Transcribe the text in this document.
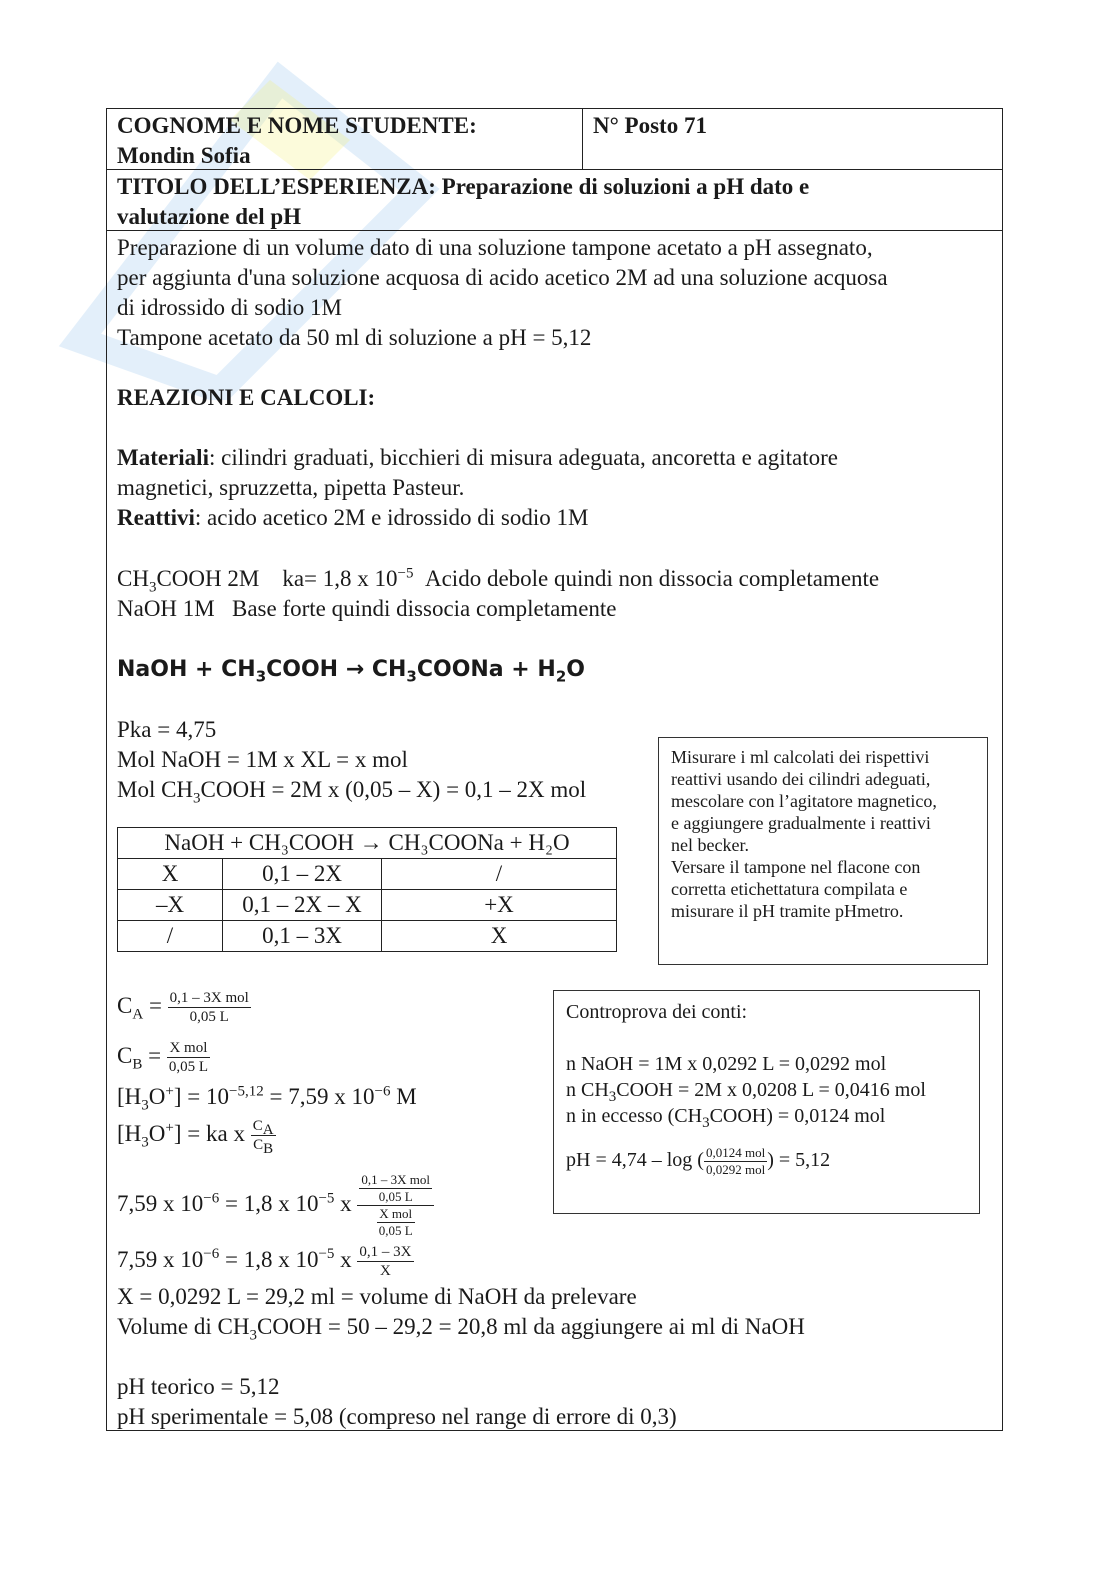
COGNOME E NOME STUDENTE:
Mondin Sofia
N° Posto 71
TITOLO DELL’ESPERIENZA: Preparazione di soluzioni a pH dato e
valutazione del pH
Preparazione di un volume dato di una soluzione tampone acetato a pH assegnato,
per aggiunta d'una soluzione acquosa di acido acetico 2M ad una soluzione acquosa
di idrossido di sodio 1M
Tampone acetato da 50 ml di soluzione a pH = 5,12
REAZIONI E CALCOLI:
Materiali: cilindri graduati, bicchieri di misura adeguata, ancoretta e agitatore
magnetici, spruzzetta, pipetta Pasteur.
Reattivi: acido acetico 2M e idrossido di sodio 1M
$CH_3COOH$ 2M ka= 1,8 x $10^{-5}$ Acido debole quindi non dissocia completamente
NaOH 1M Base forte quindi dissocia completamente
NaOH + $CH_3COOH$ → $CH_3COONa + H_2O$
Pka = 4,75
Mol NaOH = 1M x XL = x mol
Mol $CH_3COOH = 2M$ x (0,05 – X) = 0,1 – 2X mol
NaOH + CH₃COOH → CH₃COONa + H₂O		
X	0,1 – 2X	/
–X	0,1 – 2X – X	+X
/	0,1 – 3X	X
Misurare i ml calcolati dei rispettivi
reattivi usando dei cilindri adeguati,
mescolare con l’agitatore magnetico,
e aggiungere gradualmente i reattivi
nel becker.
Versare il tampone nel flacone con
corretta etichettatura compilata e
misurare il pH tramite pHmetro.
Controprova dei conti:
n NaOH = 1M x 0,0292 L = 0,0292 mol
n $CH_3COOH = 2M$ x 0,0208 L = 0,0416 mol
n in eccesso $(CH_3COOH) = 0,0124$ mol
pH = 4,74 – log ( $\frac{\text{0,0124 mol}}{\text{0,0292 mol}}$ ) = 5,12
$C_A = \frac{\text{0,1 – 3X mol}}{0,05 L}$
$C_B = \frac{\text{X mol}}{0,05 L}$
$[H_3O^+] = 10^{-5,12} = 7,59$ x $10^{-6}$ M
$[H_3O^+]$ = ka x $\frac{C_A}{C_B}$
7,59 x $10^{-6} = 1,8$ x $10^{-5}$ x $\frac{\frac{\text{0,1 – 3X mol}}{0,05 L}}{\frac{\text{X mol}}{0,05 L}}$
7,59 x $10^{-6} = 1,8$ x $10^{-5}$ x $\frac{0,1 - 3X}{X}$
X = 0,0292 L = 29,2 ml = volume di NaOH da prelevare
Volume di $CH_3COOH = 50 - 29,2 = 20,8$ ml da aggiungere ai ml di NaOH
pH teorico = 5,12
pH sperimentale = 5,08 (compreso nel range di errore di 0,3)
